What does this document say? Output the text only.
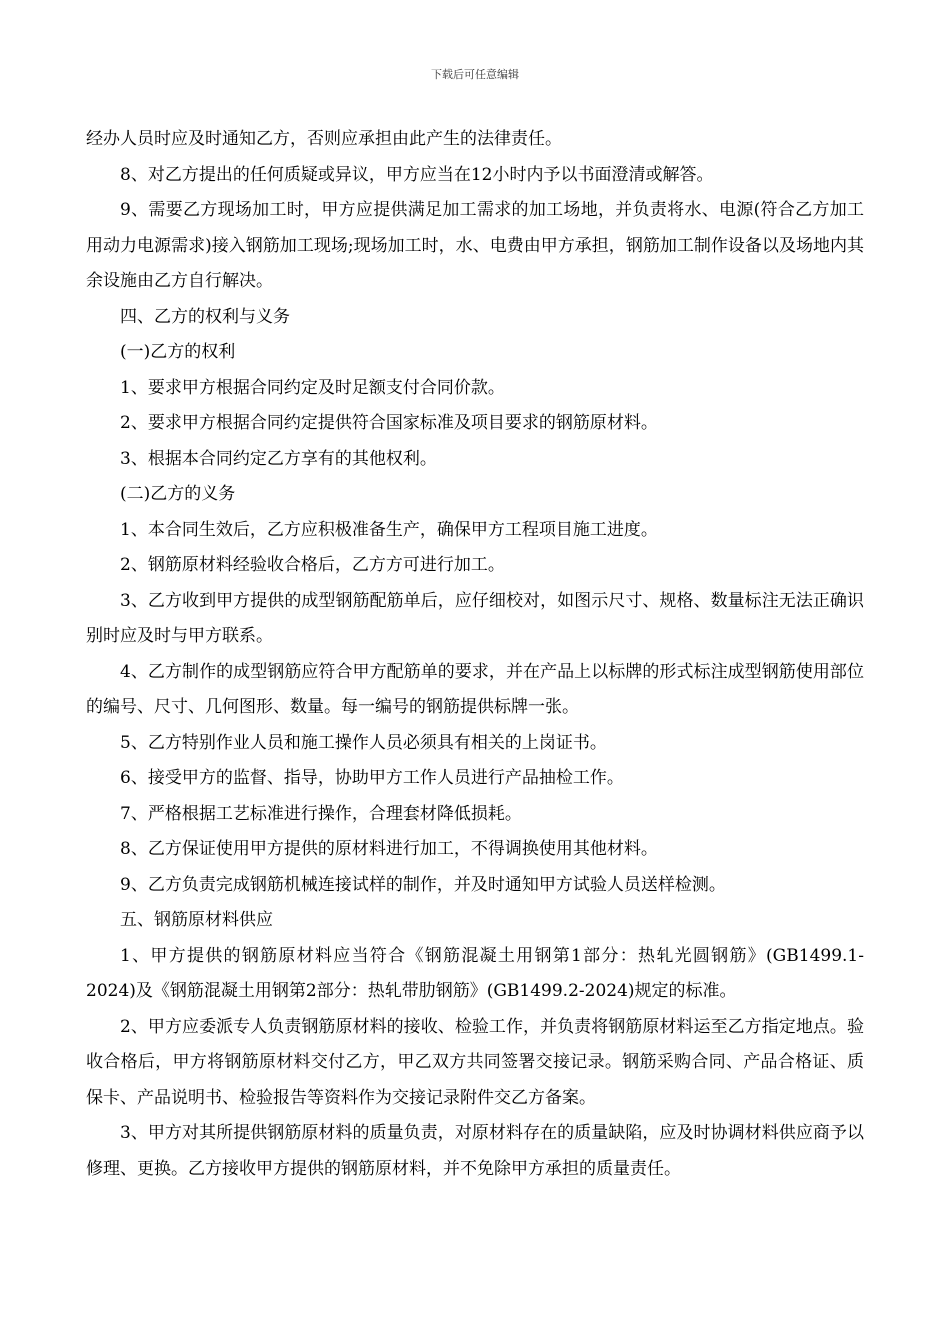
下载后可任意编辑

经办人员时应及时通知乙方，否则应承担由此产生的法律责任。

8、对乙方提出的任何质疑或异议，甲方应当在12小时内予以书面澄清或解答。

9、需要乙方现场加工时，甲方应提供满足加工需求的加工场地，并负责将水、电源(符合乙方加工用动力电源需求)接入钢筋加工现场;现场加工时，水、电费由甲方承担，钢筋加工制作设备以及场地内其余设施由乙方自行解决。

四、乙方的权利与义务

(一)乙方的权利

1、要求甲方根据合同约定及时足额支付合同价款。

2、要求甲方根据合同约定提供符合国家标准及项目要求的钢筋原材料。

3、根据本合同约定乙方享有的其他权利。

(二)乙方的义务

1、本合同生效后，乙方应积极准备生产，确保甲方工程项目施工进度。

2、钢筋原材料经验收合格后，乙方方可进行加工。

3、乙方收到甲方提供的成型钢筋配筋单后，应仔细校对，如图示尺寸、规格、数量标注无法正确识别时应及时与甲方联系。

4、乙方制作的成型钢筋应符合甲方配筋单的要求，并在产品上以标牌的形式标注成型钢筋使用部位的编号、尺寸、几何图形、数量。每一编号的钢筋提供标牌一张。

5、乙方特别作业人员和施工操作人员必须具有相关的上岗证书。

6、接受甲方的监督、指导，协助甲方工作人员进行产品抽检工作。

7、严格根据工艺标准进行操作，合理套材降低损耗。

8、乙方保证使用甲方提供的原材料进行加工，不得调换使用其他材料。

9、乙方负责完成钢筋机械连接试样的制作，并及时通知甲方试验人员送样检测。

五、钢筋原材料供应

1、甲方提供的钢筋原材料应当符合《钢筋混凝土用钢第1部分：热轧光圆钢筋》(GB1499.1-2024)及《钢筋混凝土用钢第2部分：热轧带肋钢筋》(GB1499.2-2024)规定的标准。

2、甲方应委派专人负责钢筋原材料的接收、检验工作，并负责将钢筋原材料运至乙方指定地点。验收合格后，甲方将钢筋原材料交付乙方，甲乙双方共同签署交接记录。钢筋采购合同、产品合格证、质保卡、产品说明书、检验报告等资料作为交接记录附件交乙方备案。

3、甲方对其所提供钢筋原材料的质量负责，对原材料存在的质量缺陷，应及时协调材料供应商予以修理、更换。乙方接收甲方提供的钢筋原材料，并不免除甲方承担的质量责任。
